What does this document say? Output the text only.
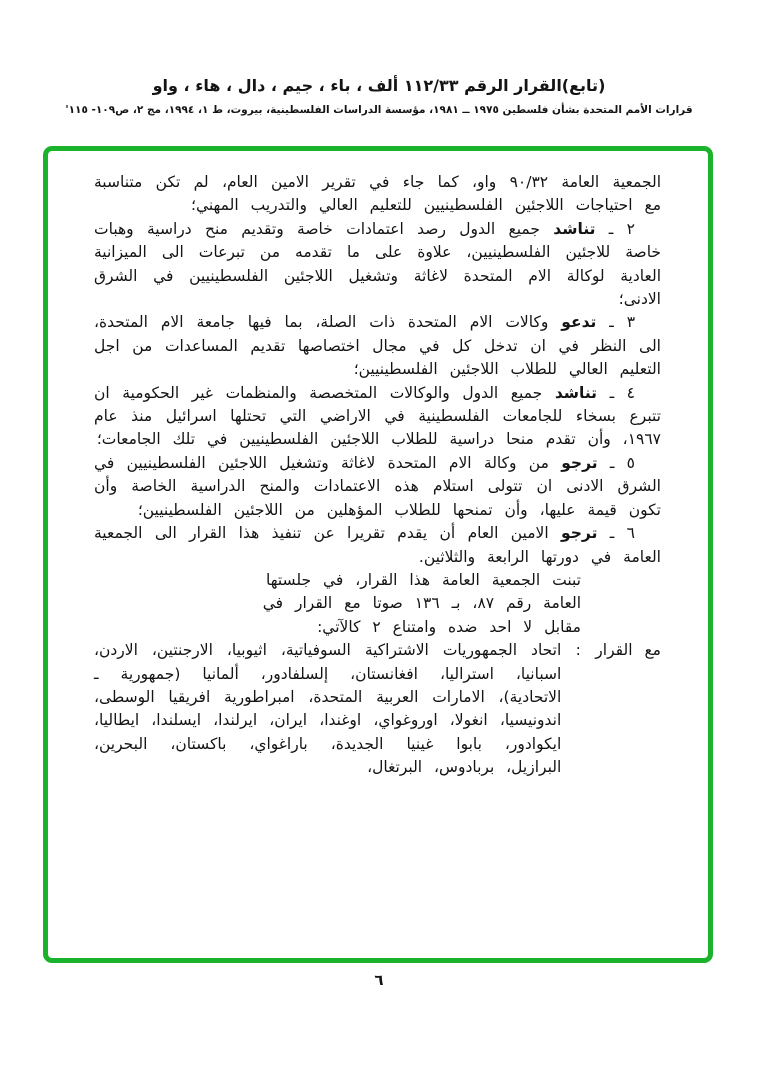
(تابع)القرار الرقم ١١٢/٣٣ ألف ، باء ، جيم ، دال ، هاء ، واو
قرارات الأمم المتحدة بشأن فلسطين ١٩٧٥ ــ ١٩٨١، مؤسسة الدراسات الفلسطينية، بيروت، ط ١، ١٩٩٤، مج ٢، ص١٠٩- ١١٥'

الجمعية العامة ٩٠/٣٢ واو، كما جاء في تقرير الامين العام، لم تكن متناسبة مع احتياجات اللاجئين الفلسطينيين للتعليم العالي والتدريب المهني؛

٢ ـ تناشد جميع الدول رصد اعتمادات خاصة وتقديم منح دراسية وهبات خاصة للاجئين الفلسطينيين، علاوة على ما تقدمه من تبرعات الى الميزانية العادية لوكالة الام المتحدة لاغاثة وتشغيل اللاجئين الفلسطينيين في الشرق الادنى؛

٣ ـ تدعو وكالات الام المتحدة ذات الصلة، بما فيها جامعة الام المتحدة، الى النظر في ان تدخل كل في مجال اختصاصها تقديم المساعدات من اجل التعليم العالي للطلاب اللاجئين الفلسطينيين؛

٤ ـ تناشد جميع الدول والوكالات المتخصصة والمنظمات غير الحكومية ان تتبرع بسخاء للجامعات الفلسطينية في الاراضي التي تحتلها اسرائيل منذ عام ١٩٦٧، وأن تقدم منحا دراسية للطلاب اللاجئين الفلسطينيين في تلك الجامعات؛

٥ ـ ترجو من وكالة الام المتحدة لاغاثة وتشغيل اللاجئين الفلسطينيين في الشرق الادنى ان تتولى استلام هذه الاعتمادات والمنح الدراسية الخاصة وأن تكون قيمة عليها، وأن تمنحها للطلاب المؤهلين من اللاجئين الفلسطينيين؛

٦ ـ ترجو الامين العام أن يقدم تقريرا عن تنفيذ هذا القرار الى الجمعية العامة في دورتها الرابعة والثلاثين.

تبنت الجمعية العامة هذا القرار، في جلستها العامة رقم ٨٧، بـ ١٣٦ صوتا مع القرار في مقابل لا احد ضده وامتناع ٢ كالآتي:
مع القرار
:
اتحاد الجمهوريات الاشتراكية السوفياتية، اثيوبيا، الارجنتين، الاردن، اسبانيا، استراليا، افغانستان، إلسلفادور، ألمانيا (جمهورية ـ الاتحادية)، الامارات العربية المتحدة، امبراطورية افريقيا الوسطى، اندونيسيا، انغولا، اوروغواي، اوغندا، ايران، ايرلندا، ايسلندا، ايطاليا، ايكوادور، بابوا غينيا الجديدة، باراغواي، باكستان، البحرين، البرازيل، بربادوس، البرتغال،
٦
